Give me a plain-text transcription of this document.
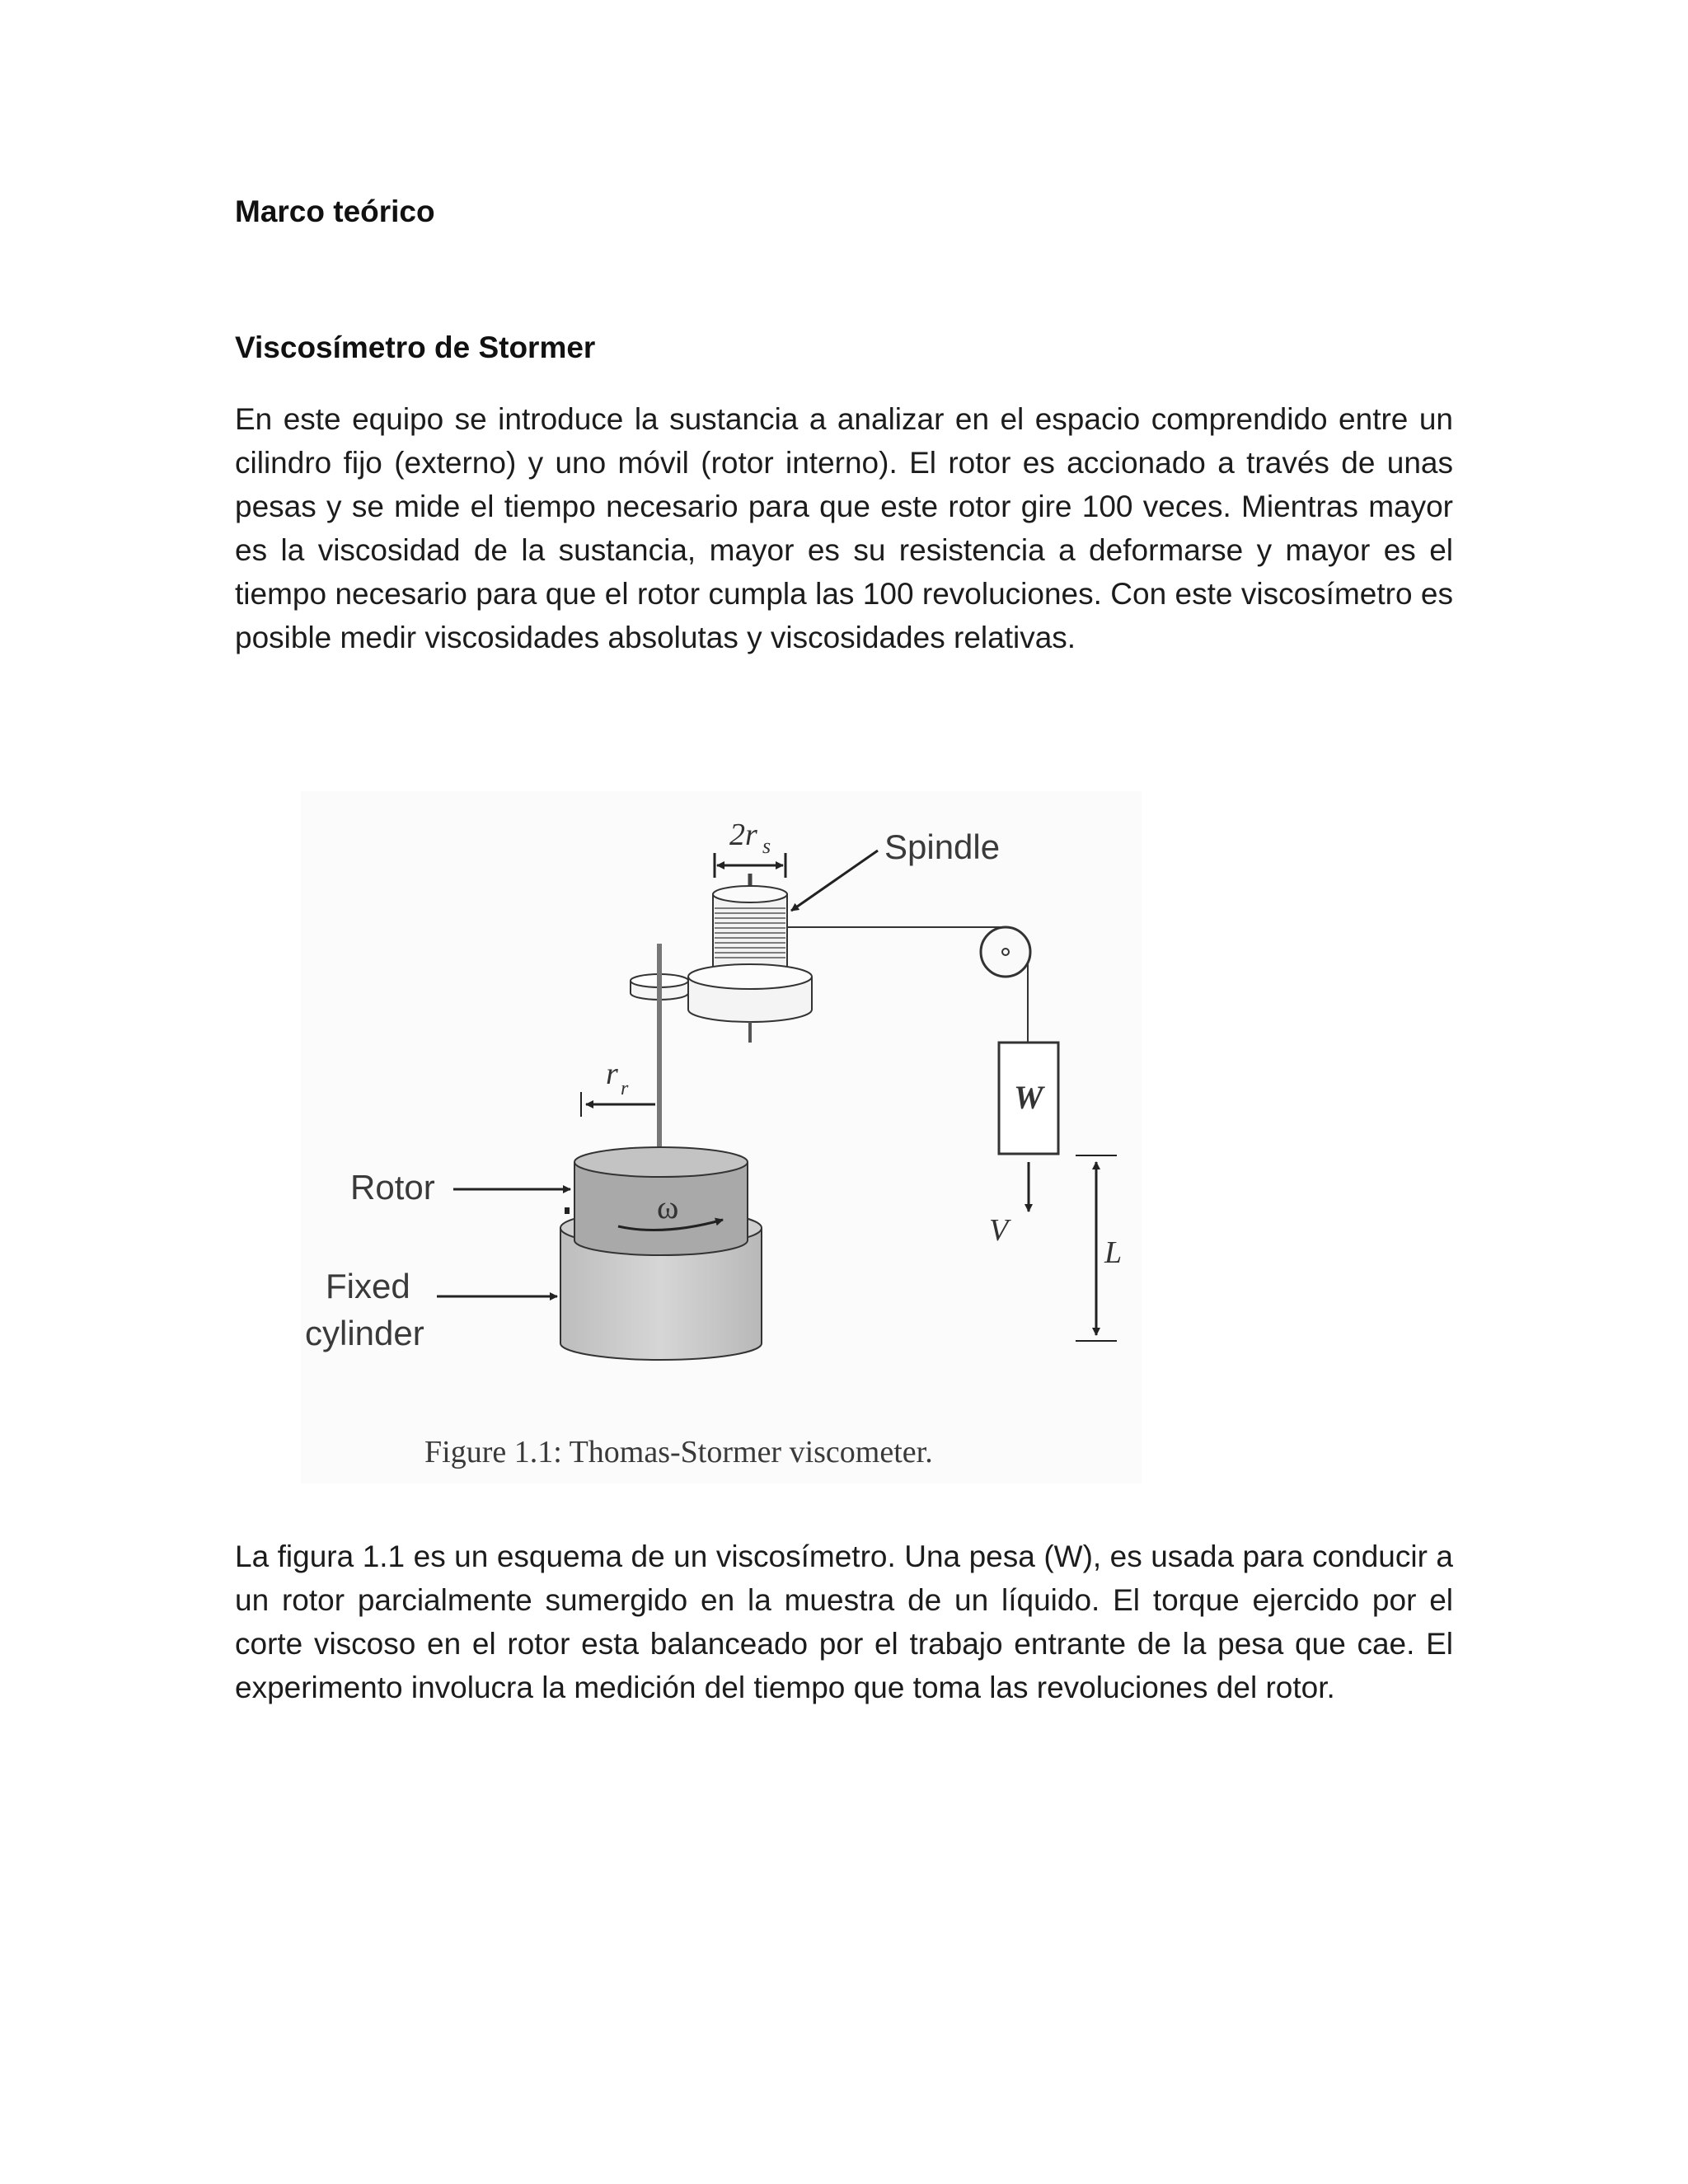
Marco teórico
Viscosímetro de Stormer

En este equipo se introduce la sustancia a analizar en el espacio comprendido entre un cilindro fijo (externo) y uno móvil (rotor interno). El rotor es accionado a través de unas pesas y se mide el tiempo necesario para que este rotor gire 100 veces. Mientras mayor es la viscosidad de la sustancia, mayor es su resistencia a deformarse y mayor es el tiempo necesario para que el rotor cumpla las 100 revoluciones. Con este viscosímetro es posible medir viscosidades absolutas y viscosidades relativas.

2r s
W
V
L
r r
ω
Rotor
Fixed
cylinder
Spindle

Figure 1.1: Thomas-Stormer viscometer.

La figura 1.1 es un esquema de un viscosímetro. Una pesa (W), es usada para conducir a un rotor parcialmente sumergido en la muestra de un líquido. El torque ejercido por el corte viscoso en el rotor esta balanceado por el trabajo entrante de la pesa que cae. El experimento involucra la medición del tiempo que toma las revoluciones del rotor.
